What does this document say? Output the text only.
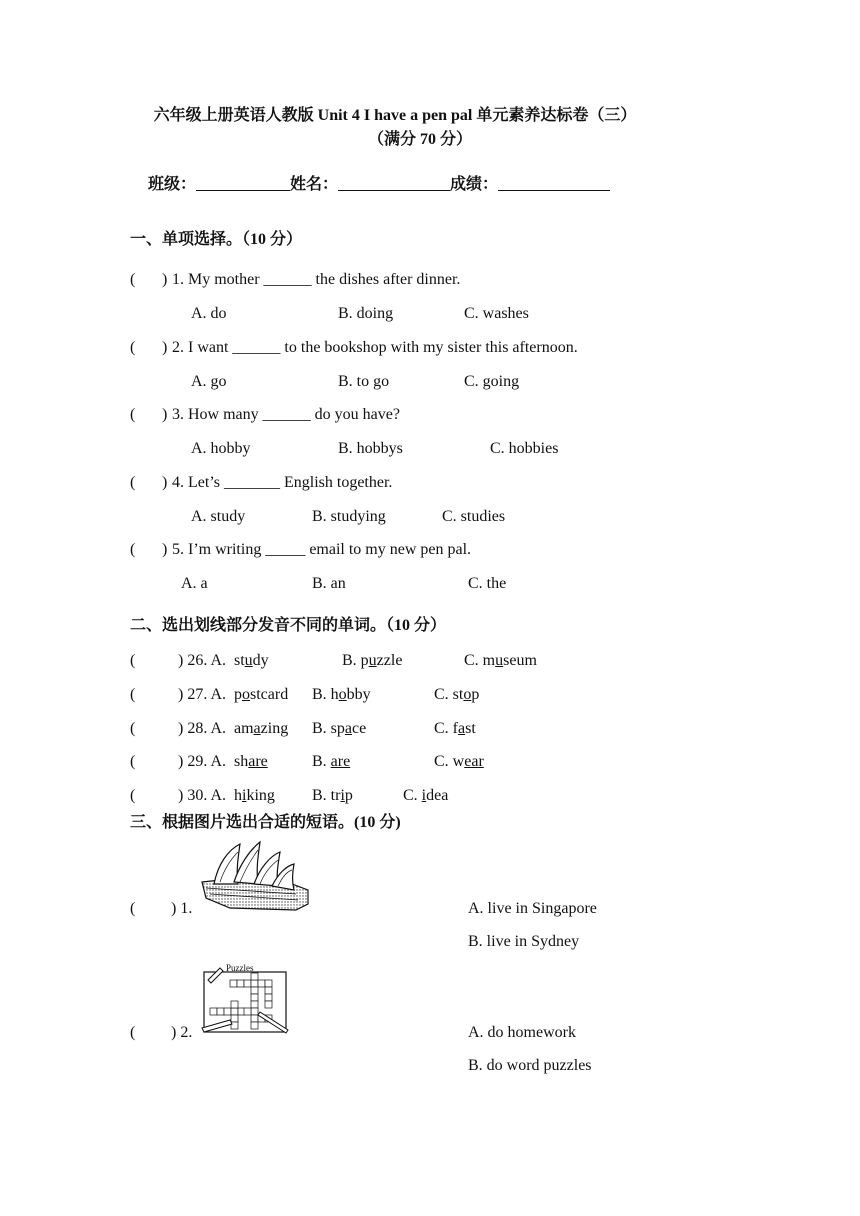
六年级上册英语人教版 Unit 4 I have a pen pal 单元素养达标卷（三）
（满分 70 分）
班级：	姓名：	成绩：
一、单项选择。（10 分）
( ) 1. My mother ______ the dishes after dinner.
A. do	B. doing	C. washes
( ) 2. I want ______ to the bookshop with my sister this afternoon.
A. go	B. to go	C. going
( ) 3. How many ______ do you have?
A. hobby	B. hobbys	C. hobbies
( ) 4. Let’s _______ English together.
A. study	B. studying	C. studies
( ) 5. I’m writing _____ email to my new pen pal.
A. a	B. an	C. the
二、选出划线部分发音不同的单词。（10 分）
(	) 26. A. study	B. puzzle	C. museum
(	) 27. A. postcard B. hobby	C. stop
(	) 28. A. amazing B. space	C. fast
(	) 29. A. share	B. are	C. wear
(	) 30. A. hiking B. trip	C. idea
三、根据图片选出合适的短语。(10 分)
( ) 1.	A. live in Singapore
B. live in Sydney
Puzzles
( ) 2.	A. do homework
B. do word puzzles
